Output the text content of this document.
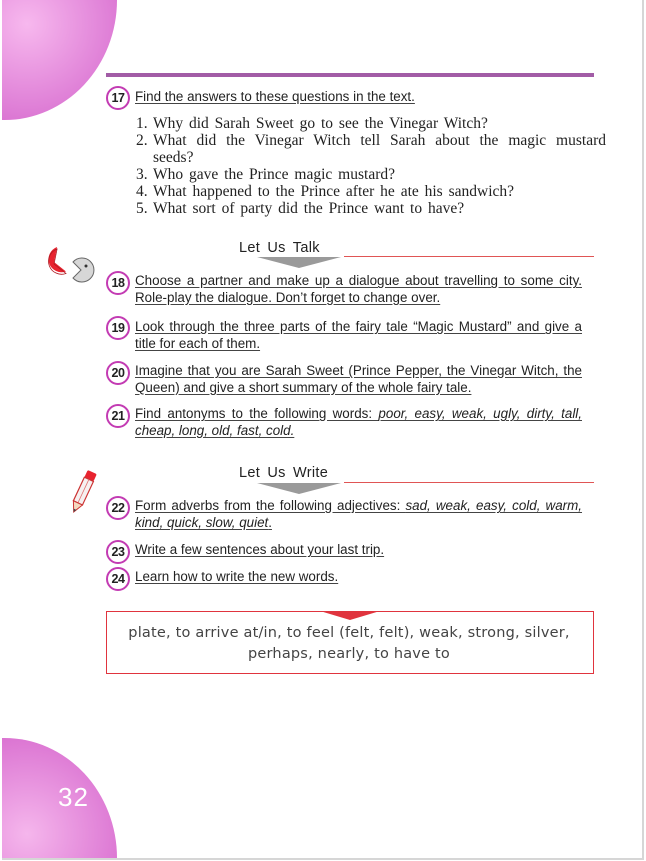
32
17 Find the answers to these questions in the text.
1. Why did Sarah Sweet go to see the Vinegar Witch?
2. What did the Vinegar Witch tell Sarah about the magic mustard seeds?
3. Who gave the Prince magic mustard?
4. What happened to the Prince after he ate his sandwich?
5. What sort of party did the Prince want to have?
Let Us Talk
18 Choose a partner and make up a dialogue about travelling to some city. Role-play the dialogue. Don’t forget to change over.
19 Look through the three parts of the fairy tale “Magic Mustard” and give a title for each of them.
20 Imagine that you are Sarah Sweet (Prince Pepper, the Vinegar Witch, the Queen) and give a short summary of the whole fairy tale.
21 Find antonyms to the following words: poor, easy, weak, ugly, dirty, tall, cheap, long, old, fast, cold.
Let Us Write
22 Form adverbs from the following adjectives: sad, weak, easy, cold, warm, kind, quick, slow, quiet.
23 Write a few sentences about your last trip.
24 Learn how to write the new words.
plate, to arrive at/in, to feel (felt, felt), weak, strong, silver, perhaps, nearly, to have to
